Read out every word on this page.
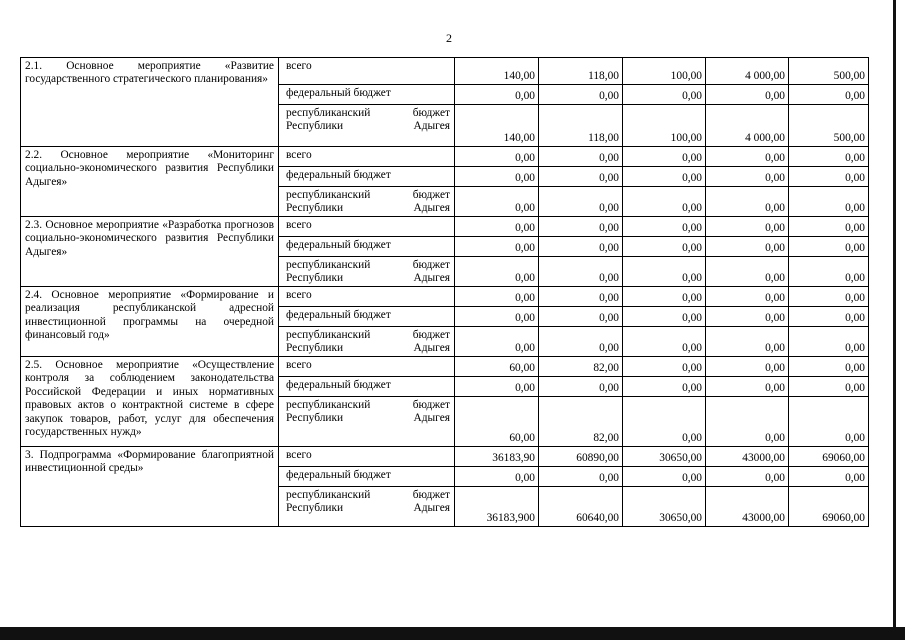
2
2.1. Основное мероприятие «Развитие государственного стратегического планирования»	всего	140,00	118,00	100,00	4 000,00	500,00
	федеральный бюджет	0,00	0,00	0,00	0,00	0,00
	республиканский бюджет Республики Адыгея	140,00	118,00	100,00	4 000,00	500,00
2.2. Основное мероприятие «Мониторинг социально-экономического развития Республики Адыгея»	всего	0,00	0,00	0,00	0,00	0,00
	федеральный бюджет	0,00	0,00	0,00	0,00	0,00
	республиканский бюджет Республики Адыгея	0,00	0,00	0,00	0,00	0,00
2.3. Основное мероприятие «Разработка прогнозов социально-экономического развития Республики Адыгея»	всего	0,00	0,00	0,00	0,00	0,00
	федеральный бюджет	0,00	0,00	0,00	0,00	0,00
	республиканский бюджет Республики Адыгея	0,00	0,00	0,00	0,00	0,00
2.4. Основное мероприятие «Формирование и реализация республиканской адресной инвестиционной программы на очередной финансовый год»	всего	0,00	0,00	0,00	0,00	0,00
	федеральный бюджет	0,00	0,00	0,00	0,00	0,00
	республиканский бюджет Республики Адыгея	0,00	0,00	0,00	0,00	0,00
2.5. Основное мероприятие «Осуществление контроля за соблюдением законодательства Российской Федерации и иных нормативных правовых актов о контрактной системе в сфере закупок товаров, работ, услуг для обеспечения государственных нужд»	всего	60,00	82,00	0,00	0,00	0,00
	федеральный бюджет	0,00	0,00	0,00	0,00	0,00
	республиканский бюджет Республики Адыгея	60,00	82,00	0,00	0,00	0,00
3. Подпрограмма «Формирование благоприятной инвестиционной среды»	всего	36183,90	60890,00	30650,00	43000,00	69060,00
	федеральный бюджет	0,00	0,00	0,00	0,00	0,00
	республиканский бюджет Республики Адыгея	36183,900	60640,00	30650,00	43000,00	69060,00
